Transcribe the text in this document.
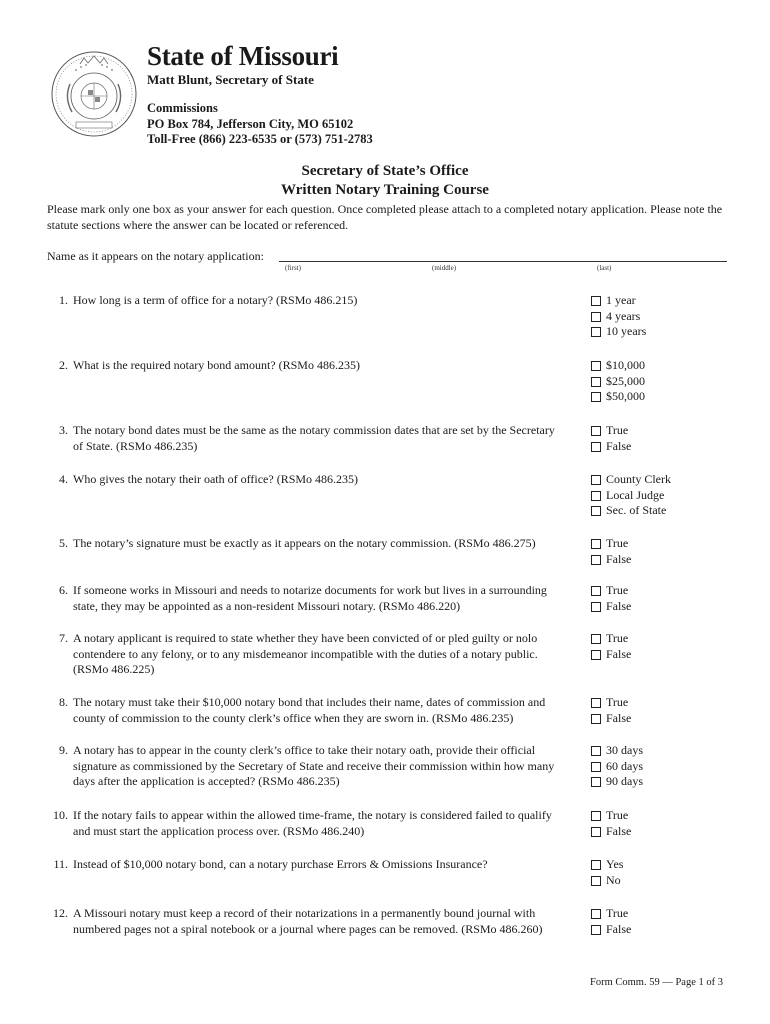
State of Missouri
Matt Blunt, Secretary of State
Commissions
PO Box 784, Jefferson City, MO 65102
Toll-Free (866) 223-6535 or (573) 751-2783
Secretary of State’s Office
Written Notary Training Course
Please mark only one box as your answer for each question. Once completed please attach to a completed notary application. Please note the statute sections where the answer can be located or referenced.
Name as it appears on the notary application:
(first)	(middle)	(last)
1. How long is a term of office for a notary? (RSMo 486.215)	1 year
4 years
10 years
2. What is the required notary bond amount? (RSMo 486.235)	$10,000
$25,000
$50,000
3. The notary bond dates must be the same as the notary commission dates that are set by the Secretary of State. (RSMo 486.235)
True
False
4. Who gives the notary their oath of office? (RSMo 486.235)	County Clerk
Local Judge
Sec. of State
5. The notary’s signature must be exactly as it appears on the notary commission. (RSMo 486.275)	True
False
6. If someone works in Missouri and needs to notarize documents for work but lives in a surrounding state, they may be appointed as a non-resident Missouri notary. (RSMo 486.220)
True
False
7. A notary applicant is required to state whether they have been convicted of or pled guilty or nolo contendere to any felony, or to any misdemeanor incompatible with the duties of a notary public. (RSMo 486.225)
True
False
8. The notary must take their $10,000 notary bond that includes their name, dates of commission and county of commission to the county clerk’s office when they are sworn in. (RSMo 486.235)
True
False
9. A notary has to appear in the county clerk’s office to take their notary oath, provide their official signature as commissioned by the Secretary of State and receive their commission within how many days after the application is accepted? (RSMo 486.235)
30 days
60 days
90 days
10. If the notary fails to appear within the allowed time-frame, the notary is considered failed to qualify and must start the application process over. (RSMo 486.240)
True
False
11. Instead of $10,000 notary bond, can a notary purchase Errors & Omissions Insurance?	Yes
No
12. A Missouri notary must keep a record of their notarizations in a permanently bound journal with numbered pages not a spiral notebook or a journal where pages can be removed. (RSMo 486.260)
True
False
Form Comm. 59 — Page 1 of 3
